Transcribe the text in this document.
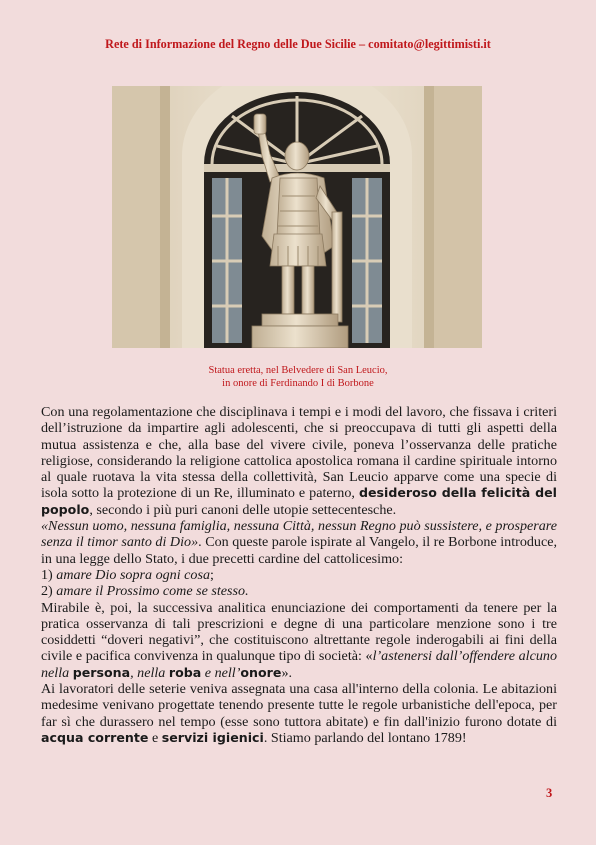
Rete di Informazione del Regno delle Due Sicilie – comitato@legittimisti.it
Statua eretta, nel Belvedere di San Leucio,
in onore di Ferdinando I di Borbone

Con una regolamentazione che disciplinava i tempi e i modi del lavoro, che fissava i criteri dell’istruzione da impartire agli adolescenti, che si preoccupava di tutti gli aspetti della mutua assistenza e che, alla base del vivere civile, poneva l’osservanza delle pratiche religiose, considerando la religione cattolica apostolica romana il cardine spirituale intorno al quale ruotava la vita stessa della collettività, San Leucio apparve come una specie di isola sotto la protezione di un Re, illuminato e paterno, desideroso della felicità del popolo, secondo i più puri canoni delle utopie settecentesche.

«Nessun uomo, nessuna famiglia, nessuna Città, nessun Regno può sussistere, e prosperare senza il timor santo di Dio». Con queste parole ispirate al Vangelo, il re Borbone introduce, in una legge dello Stato, i due precetti cardine del cattolicesimo:

1) amare Dio sopra ogni cosa;

2) amare il Prossimo come se stesso.

Mirabile è, poi, la successiva analitica enunciazione dei comportamenti da tenere per la pratica osservanza di tali prescrizioni e degne di una particolare menzione sono i tre cosiddetti “doveri negativi”, che costituiscono altrettante regole inderogabili ai fini della civile e pacifica convivenza in qualunque tipo di società: «l’astenersi dall’offendere alcuno nella persona, nella roba e nell’onore».

Ai lavoratori delle seterie veniva assegnata una casa all'interno della colonia. Le abitazioni medesime venivano progettate tenendo presente tutte le regole urbanistiche dell'epoca, per far sì che durassero nel tempo (esse sono tuttora abitate) e fin dall'inizio furono dotate di acqua corrente e servizi igienici. Stiamo parlando del lontano 1789!

3
